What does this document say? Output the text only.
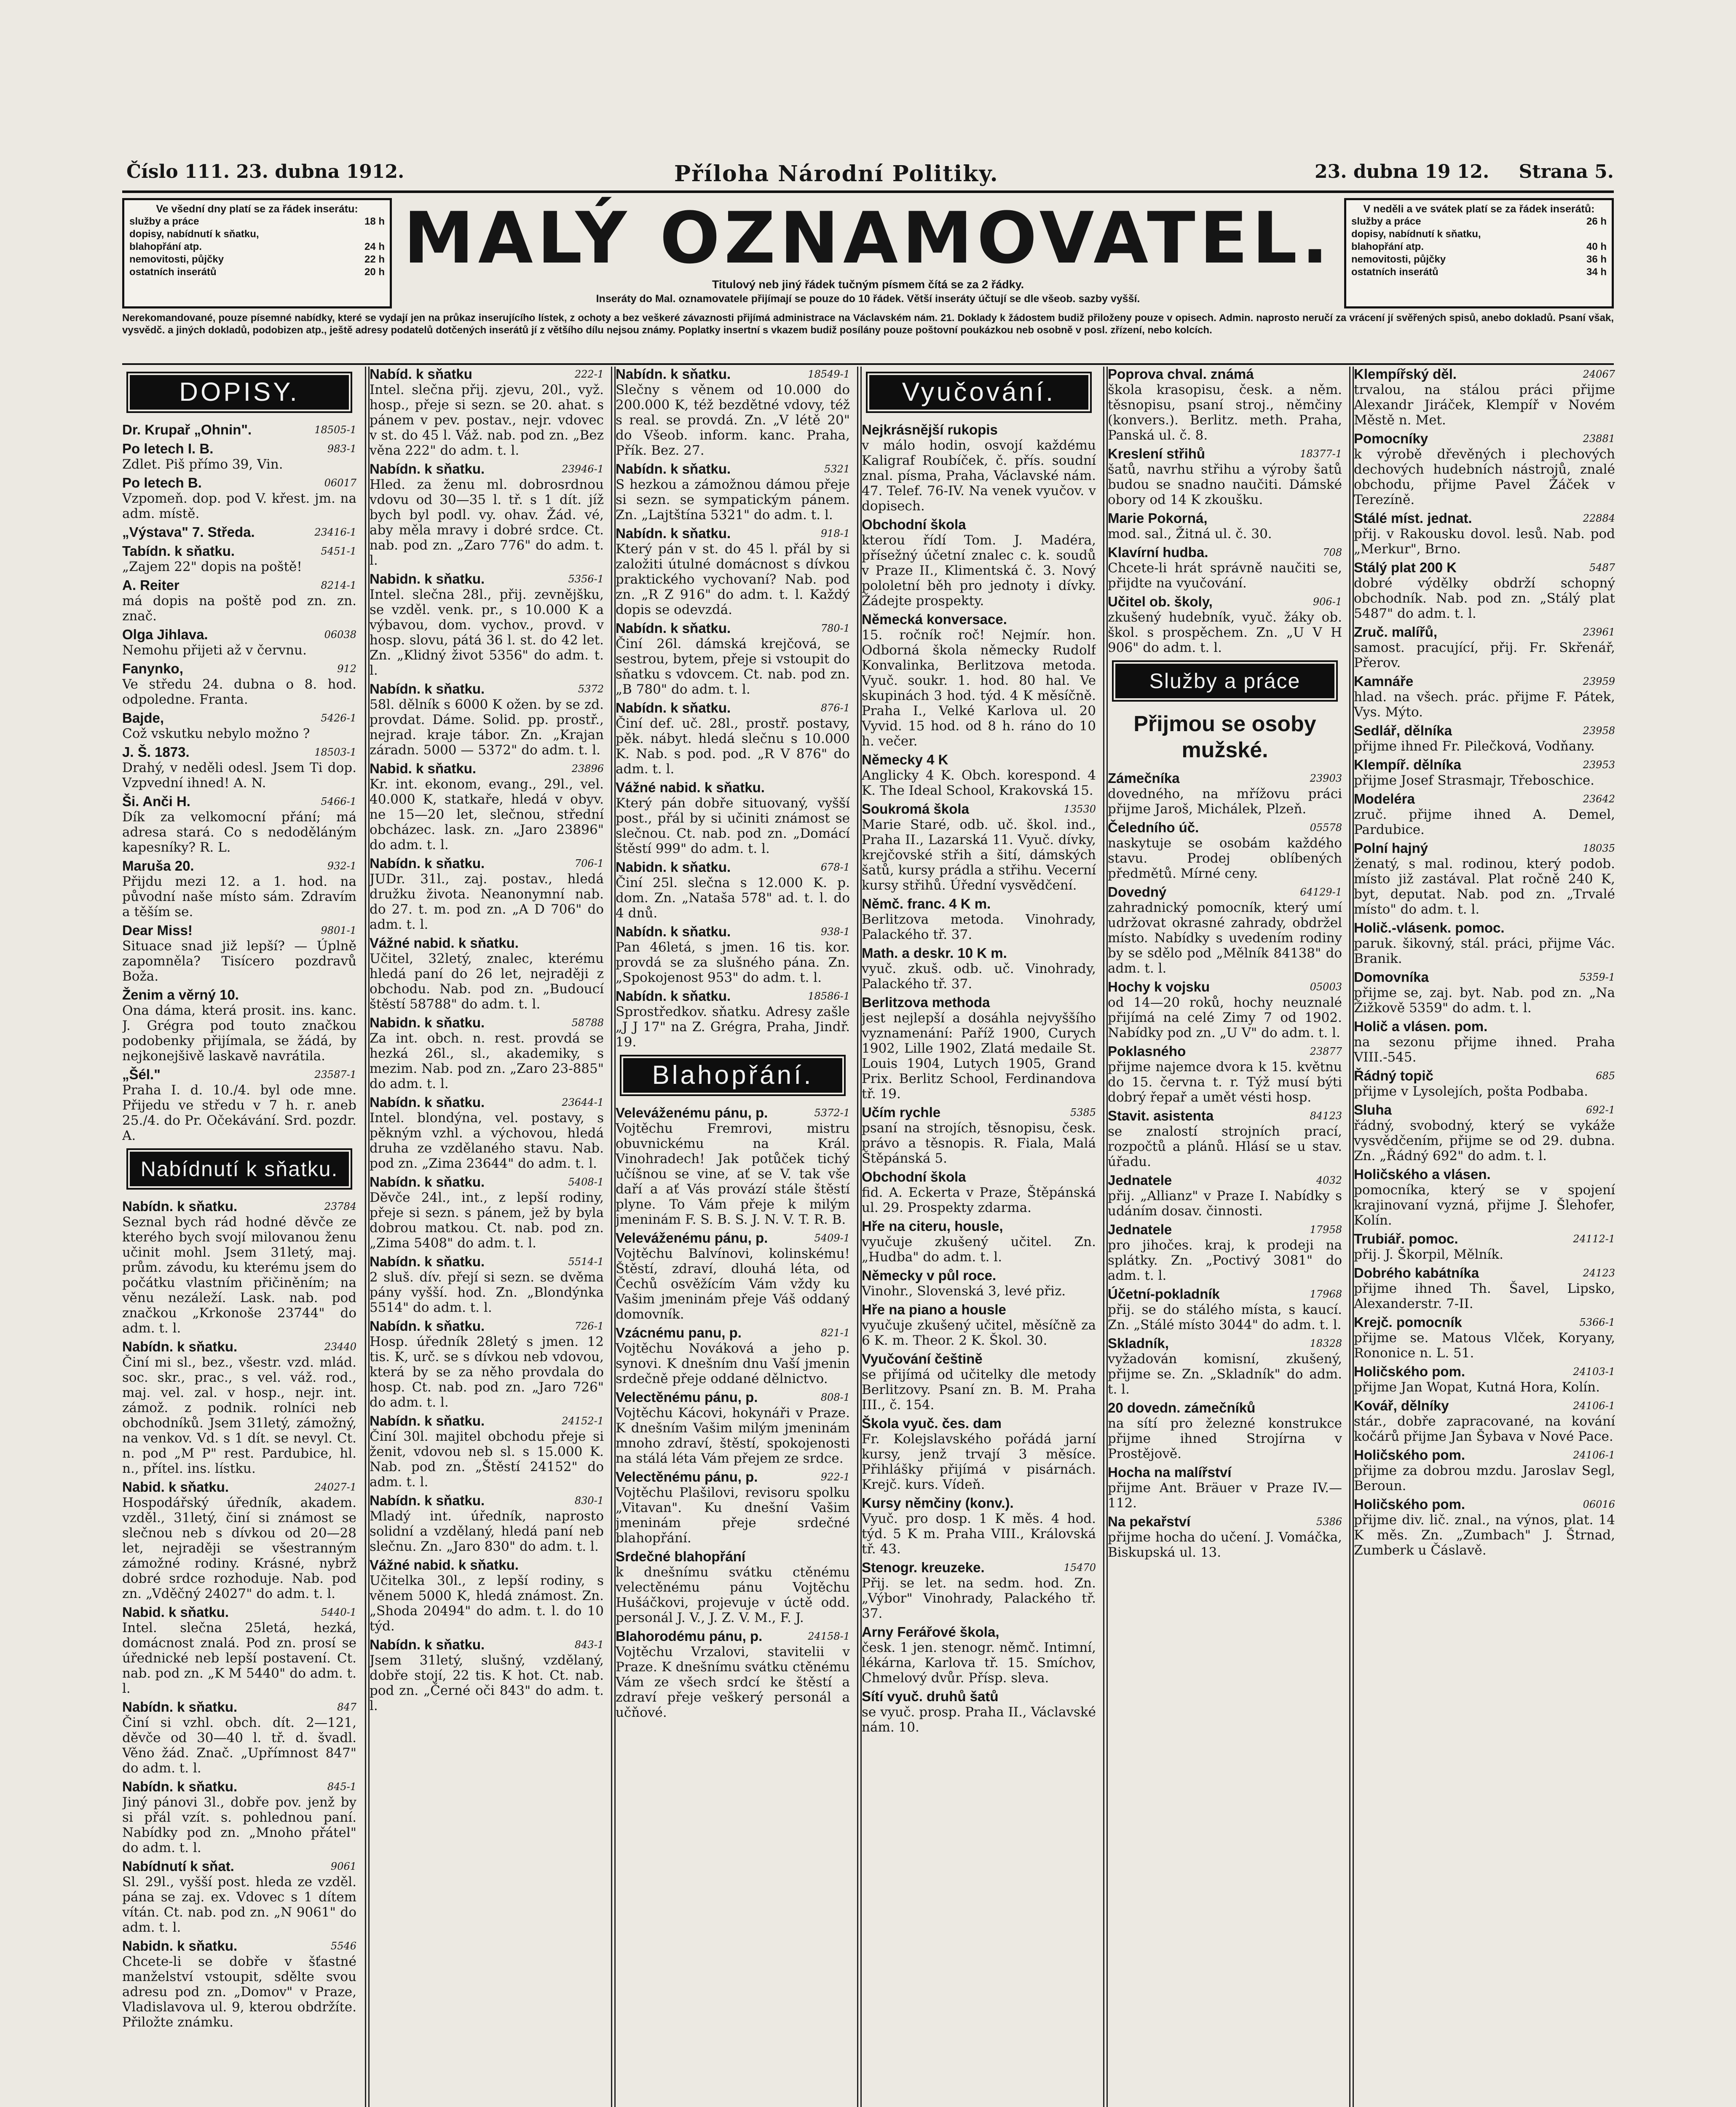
Číslo 111. 23. dubna 1912.	Příloha Národní Politiky.	23. dubna 19 12. Strana 5.
Ve všední dny platí se za řádek inserátu:
služby a práce	18 h
dopisy, nabídnutí k sňatku,
blahopřání atp.	24 h
nemovitosti, půjčky	22 h
ostatních inserátů	20 h MALÝ OZNAMOVATEL.
Titulový neb jiný řádek tučným písmem čítá se za 2 řádky.
Inseráty do Mal. oznamovatele přijímají se pouze do 10 řádek. Větší inseráty účtují se dle všeob. sazby vyšší.
V neděli a ve svátek platí se za řádek inserátů:
služby a práce	26 h
dopisy, nabídnutí k sňatku,
blahopřání atp.	40 h
nemovitosti, půjčky	36 h
ostatních inserátů	34 h
Nerekomandované, pouze písemné nabídky, které se vydají jen na průkaz inserujícího lístek, z ochoty a bez veškeré závaznosti přijímá administrace na Václavském nám. 21. Doklady k žádostem budiž přiloženy pouze v opisech. Admin. naprosto neručí za vrácení jí svěřených spisů, anebo dokladů. Psaní však, vysvědč. a jiných dokladů, podobizen atp., ještě adresy podatelů dotčených inserátů jí z většího dílu nejsou známy. Poplatky insertní s vkazem budiž posílány pouze poštovní poukázkou neb osobně v posl. zřízení, nebo kolcích.
DOPISY.
Dr. Krupař „Ohnin".	18505-1
Po letech I. B.	983-1
Zdlet. Piš přímo 39, Vin.
Po letech B.	06017
Vzpomeň. dop. pod V. křest. jm. na adm. místě.
„Výstava" 7. Středa.	23416-1
Tabídn. k sňatku.	5451-1
„Zajem 22" dopis na poště!
A. Reiter	8214-1
má dopis na poště pod zn. zn. znač.
Olga Jihlava.	06038
Nemohu přijeti až v červnu.
Fanynko,	912
Ve středu 24. dubna o 8. hod. odpoledne. Franta.
Bajde,	5426-1
Což vskutku nebylo možno ?
J. Š. 1873.	18503-1
Drahý, v neděli odesl. Jsem Ti dop. Vzpvední ihned! A. N.
Ši. Anči H.	5466-1
Dík za velkomocní přání; má adresa stará. Co s nedoděláným kapesníky? R. L.
Maruša 20.	932-1
Přijdu mezi 12. a 1. hod. na původní naše místo sám. Zdravím a těším se.
Dear Miss!	9801-1
Situace snad již lepší? — Úplně zapomněla? Tisícero pozdravů Boža.
Ženim a věrný 10.
Ona dáma, která prosit. ins. kanc. J. Grégra pod touto značkou podobenky přijímala, se žádá, by nejkonejšivě laskavě navrátila.
„Šél."	23587-1
Praha I. d. 10./4. byl ode mne. Přijedu ve středu v 7 h. r. aneb 25./4. do Pr. Očekávání. Srd. pozdr. A.
Nabídnutí k sňatku.
Nabídn. k sňatku.	23784
Seznal bych rád hodné děvče ze kterého bych svojí milovanou ženu učinit mohl. Jsem 31letý, maj. prům. závodu, ku kterému jsem do počátku vlastním přičiněním; na věnu nezáleží. Lask. nab. pod značkou „Krkonoše 23744" do adm. t. l.
Nabídn. k sňatku.	23440
Činí mi sl., bez., všestr. vzd. mlád. soc. skr., prac., s vel. váž. rod., maj. vel. zal. v hosp., nejr. int. zámož. z podnik. rolníci neb obchodníků. Jsem 31letý, zámožný, na venkov. Vd. s 1 dít. se nevyl. Ct. n. pod „M P" rest. Pardubice, hl. n., přítel. ins. lístku.
Nabid. k sňatku.	24027-1
Hospodářský úředník, akadem. vzděl., 31letý, činí si známost se slečnou neb s dívkou od 20—28 let, nejraději se všestranným zámožné rodiny. Krásné, nybrž dobré srdce rozhoduje. Nab. pod zn. „Vděčný 24027" do adm. t. l.
Nabid. k sňatku.	5440-1
Intel. slečna 25letá, hezká, domácnost znalá. Pod zn. prosí se úřednické neb lepší postavení. Ct. nab. pod zn. „K M 5440" do adm. t. l.
Nabídn. k sňatku.	847
Činí si vzhl. obch. dít. 2—121, děvče od 30—40 l. tř. d. švadl. Věno žád. Znač. „Upřímnost 847" do adm. t. l.
Nabídn. k sňatku.	845-1
Jiný pánovi 3l., dobře pov. jenž by si přál vzít. s. pohlednou paní. Nabídky pod zn. „Mnoho přátel" do adm. t. l.
Nabídnutí k sňat.	9061
Sl. 29l., vyšší post. hleda ze vzděl. pána se zaj. ex. Vdovec s 1 dítem vítán. Ct. nab. pod zn. „N 9061" do adm. t. l.
Nabidn. k sňatku.	5546
Chcete-li se dobře v šťastné manželství vstoupit, sdělte svou adresu pod zn. „Domov" v Praze, Vladislavova ul. 9, kterou obdržíte. Přiložte známku.
Nabíd. k sňatku	222-1
Intel. slečna přij. zjevu, 20l., vyž. hosp., přeje si sezn. se 20. ahat. s pánem v pev. postav., nejr. vdovec v st. do 45 l. Váž. nab. pod zn. „Bez věna 222" do adm. t. l.
Nabídn. k sňatku.	23946-1
Hled. za ženu ml. dobrosrdnou vdovu od 30—35 l. tř. s 1 dít. jíž bych byl podl. vy. ohav. Žád. vé, aby měla mravy i dobré srdce. Ct. nab. pod zn. „Zaro 776" do adm. t. l.
Nabidn. k sňatku.	5356-1
Intel. slečna 28l., přij. zevnějšku, se vzděl. venk. pr., s 10.000 K a výbavou, dom. vychov., provd. v hosp. slovu, pátá 36 l. st. do 42 let. Zn. „Klidný život 5356" do adm. t. l.
Nabídn. k sňatku.	5372
58l. dělník s 6000 K ožen. by se zd. provdat. Dáme. Solid. pp. prostř., nejrad. kraje tábor. Zn. „Krajan záradn. 5000 — 5372" do adm. t. l.
Nabid. k sňatku.	23896
Kr. int. ekonom, evang., 29l., vel. 40.000 K, statkaře, hledá v obyv. ne 15—20 let, slečnou, střední obcházec. lask. zn. „Jaro 23896" do adm. t. l.
Nabídn. k sňatku.	706-1
JUDr. 31l., zaj. postav., hledá družku života. Neanonymní nab. do 27. t. m. pod zn. „A D 706" do adm. t. l.
Vážné nabid. k sňatku.
Učitel, 32letý, znalec, kterému hledá paní do 26 let, nejraději z obchodu. Nab. pod zn. „Budoucí štěstí 58788" do adm. t. l.
Nabidn. k sňatku.	58788
Za int. obch. n. rest. provdá se hezká 26l., sl., akademiky, s mezim. Nab. pod zn. „Zaro 23-885" do adm. t. l.
Nabídn. k sňatku.	23644-1
Intel. blondýna, vel. postavy, s pěkným vzhl. a výchovou, hledá druha ze vzdělaného stavu. Nab. pod zn. „Zima 23644" do adm. t. l.
Nabídn. k sňatku.	5408-1
Děvče 24l., int., z lepší rodiny, přeje si sezn. s pánem, jež by byla dobrou matkou. Ct. nab. pod zn. „Zima 5408" do adm. t. l.
Nabídn. k sňatku.	5514-1
2 sluš. dív. přejí si sezn. se dvěma pány vyšší. hod. Zn. „Blondýnka 5514" do adm. t. l.
Nabídn. k sňatku.	726-1
Hosp. úředník 28letý s jmen. 12 tis. K, urč. se s dívkou neb vdovou, která by se za něho provdala do hosp. Ct. nab. pod zn. „Jaro 726" do adm. t. l.
Nabídn. k sňatku.	24152-1
Činí 30l. majitel obchodu přeje si ženit, vdovou neb sl. s 15.000 K. Nab. pod zn. „Štěstí 24152" do adm. t. l.
Nabídn. k sňatku.	830-1
Mladý int. úředník, naprosto solidní a vzdělaný, hledá paní neb slečnu. Zn. „Jaro 830" do adm. t. l.
Vážné nabid. k sňatku.
Učitelka 30l., z lepší rodiny, s věnem 5000 K, hledá známost. Zn. „Shoda 20494" do adm. t. l. do 10 týd.
Nabídn. k sňatku.	843-1
Jsem 31letý, slušný, vzdělaný, dobře stojí, 22 tis. K hot. Ct. nab. pod zn. „Černé oči 843" do adm. t. l.
Nabídn. k sňatku.	18549-1
Slečny s věnem od 10.000 do 200.000 K, též bezdětné vdovy, též s real. se provdá. Zn. „V létě 20" do Všeob. inform. kanc. Praha, Přík. Bez. 27.
Nabídn. k sňatku.	5321
S hezkou a zámožnou dámou přeje si sezn. se sympatickým pánem. Zn. „Lajtštína 5321" do adm. t. l.
Nabídn. k sňatku.	918-1
Který pán v st. do 45 l. přál by si založiti útulné domácnost s dívkou praktického vychovaní? Nab. pod zn. „R Z 916" do adm. t. l. Každý dopis se odevzdá.
Nabídn. k sňatku.	780-1
Činí 26l. dámská krejčová, se sestrou, bytem, přeje si vstoupit do sňatku s vdovcem. Ct. nab. pod zn. „B 780" do adm. t. l.
Nabídn. k sňatku.	876-1
Činí def. uč. 28l., prostř. postavy, pěk. nábyt. hledá slečnu s 10.000 K. Nab. s pod. pod. „R V 876" do adm. t. l.
Vážné nabid. k sňatku.
Který pán dobře situovaný, vyšší post., přál by si učiniti známost se slečnou. Ct. nab. pod zn. „Domácí štěstí 999" do adm. t. l.
Nabidn. k sňatku.	678-1
Činí 25l. slečna s 12.000 K. p. dom. Zn. „Nataša 578" ad. t. l. do 4 dnů.
Nabídn. k sňatku.	938-1
Pan 46letá, s jmen. 16 tis. kor. provdá se za slušného pána. Zn. „Spokojenost 953" do adm. t. l.
Nabídn. k sňatku.	18586-1
Sprostředkov. sňatku. Adresy zašle „J J 17" na Z. Grégra, Praha, Jindř. 19.
Blahopřání.
Veleváženému pánu, p.	5372-1
Vojtěchu Fremrovi, mistru obuvnickému na Král. Vinohradech! Jak potůček tichý učíšnou se vine, ať se V. tak vše daří a ať Vás provází stále štěstí plyne. To Vám přeje k milým jmeninám F. S. B. S. J. N. V. T. R. B.
Veleváženému pánu, p.	5409-1
Vojtěchu Balvínovi, kolinskému! Štěstí, zdraví, dlouhá léta, od Čechů osvěžícím Vám vždy ku Vašim jmeninám přeje Váš oddaný domovník.
Vzácnému panu, p.	821-1
Vojtěchu Nováková a jeho p. synovi. K dnešním dnu Vaší jmenin srdečně přeje oddané dělnictvo.
Velectěnému pánu, p.	808-1
Vojtěchu Kácovi, hokynáři v Praze. K dnešním Vašim milým jmeninám mnoho zdraví, štěstí, spokojenosti na stálá léta Vám přejem ze srdce.
Velectěnému pánu, p.	922-1
Vojtěchu Plašilovi, revisoru spolku „Vitavan". Ku dnešní Vašim jmeninám přeje srdečné blahopřání.
Srdečné blahopřání
k dnešnímu svátku ctěnému velectěnému pánu Vojtěchu Hušáčkovi, projevuje v úctě odd. personál J. V., J. Z. V. M., F. J.
Blahorodému pánu, p.	24158-1
Vojtěchu Vrzalovi, stavitelii v Praze. K dnešnímu svátku ctěnému Vám ze všech srdcí ke štěstí a zdraví přeje veškerý personál a učňové.
Vyučování.
Nejkrásnější rukopis
v málo hodin, osvojí každému Kaligraf Roubíček, č. přís. soudní znal. písma, Praha, Václavské nám. 47. Telef. 76-IV. Na venek vyučov. v dopisech.
Obchodní škola
kterou řídí Tom. J. Madéra, přísežný účetní znalec c. k. soudů v Praze II., Klimentská č. 3. Nový pololetní běh pro jednoty i dívky. Žádejte prospekty.
Německá konversace.
15. ročník roč! Nejmír. hon. Odborná škola německy Rudolf Konvalinka, Berlitzova metoda. Vyuč. soukr. 1. hod. 80 hal. Ve skupinách 3 hod. týd. 4 K měsíčně. Praha I., Velké Karlova ul. 20 Vyvid. 15 hod. od 8 h. ráno do 10 h. večer.
Německy 4 K
Anglicky 4 K. Obch. korespond. 4 K. The Ideal School, Krakovská 15.
Soukromá škola	13530
Marie Staré, odb. uč. škol. ind., Praha II., Lazarská 11. Vyuč. dívky, krejčovské střih a šití, dámských šatů, kursy prádla a střihu. Vecerní kursy střihů. Úřední vysvědčení.
Němč. franc. 4 K m.
Berlitzova metoda. Vinohrady, Palackého tř. 37.
Math. a deskr. 10 K m.
vyuč. zkuš. odb. uč. Vinohrady, Palackého tř. 37.
Berlitzova methoda
jest nejlepší a dosáhla nejvyššího vyznamenání: Paříž 1900, Curych 1902, Lille 1902, Zlatá medaile St. Louis 1904, Lutych 1905, Grand Prix. Berlitz School, Ferdinandova tř. 19.
Učím rychle	5385
psaní na strojích, těsnopisu, česk. právo a těsnopis. R. Fiala, Malá Štěpánská 5.
Obchodní škola
fid. A. Eckerta v Praze, Štěpánská ul. 29. Prospekty zdarma.
Hře na citeru, housle,
vyučuje zkušený učitel. Zn. „Hudba" do adm. t. l.
Německy v půl roce.
Vinohr., Slovenská 3, levé přiz.
Hře na piano a housle
vyučuje zkušený učitel, měsíčně za 6 K. m. Theor. 2 K. Škol. 30.
Vyučování češtině
se přijímá od učitelky dle metody Berlitzovy. Psaní zn. B. M. Praha III., č. 154.
Škola vyuč. čes. dam
Fr. Kolejslavského pořádá jarní kursy, jenž trvají 3 měsíce. Přihlášky přijímá v pisárnách. Krejč. kurs. Vídeň.
Kursy němčiny (konv.).
Vyuč. pro dosp. 1 K měs. 4 hod. týd. 5 K m. Praha VIII., Královská tř. 43.
Stenogr. kreuzeke.	15470
Přij. se let. na sedm. hod. Zn. „Výbor" Vinohrady, Palackého tř. 37.
Arny Ferářové škola,
česk. 1 jen. stenogr. němč. Intimní, lékárna, Karlova tř. 15. Smíchov, Chmelový dvůr. Přísp. sleva.
Sítí vyuč. druhů šatů
se vyuč. prosp. Praha II., Václavské nám. 10.
Poprova chval. známá
škola krasopisu, česk. a něm. těsnopisu, psaní stroj., němčiny (konvers.). Berlitz. meth. Praha, Panská ul. č. 8.
Kreslení střihů	18377-1
šatů, navrhu střihu a výroby šatů budou se snadno naučiti. Dámské obory od 14 K zkoušku.
Marie Pokorná,
mod. sal., Žitná ul. č. 30.
Klavírní hudba.	708
Chcete-li hrát správně naučiti se, přijdte na vyučování.
Učitel ob. školy,	906-1
zkušený hudebník, vyuč. žáky ob. škol. s prospěchem. Zn. „U V H 906" do adm. t. l.
Služby a práce
Přijmou se osoby mužské.
Zámečníka	23903
dovedného, na mřížovu práci přijme Jaroš, Michálek, Plzeň.
Čeledního úč.	05578
naskytuje se osobám každého stavu. Prodej oblíbených předmětů. Mírné ceny.
Dovedný	64129-1
zahradnický pomocník, který umí udržovat okrasné zahrady, obdržel místo. Nabídky s uvedením rodiny by se sdělo pod „Mělník 84138" do adm. t. l.
Hochy k vojsku	05003
od 14—20 roků, hochy neuznalé přijímá na celé Zimy 7 od 1902. Nabídky pod zn. „U V" do adm. t. l.
Poklasného	23877
přijme najemce dvora k 15. květnu do 15. června t. r. Týž musí býti dobrý řepař a umět vésti hosp.
Stavit. asistenta	84123
se znalostí strojních prací, rozpočtů a plánů. Hlásí se u stav. úřadu.
Jednatele	4032
přij. „Allianz" v Praze I. Nabídky s udáním dosav. činnosti.
Jednatele	17958
pro jihočes. kraj, k prodeji na splátky. Zn. „Poctivý 3081" do adm. t. l.
Účetní-pokladník	17968
přij. se do stálého místa, s kaucí. Zn. „Stálé místo 3044" do adm. t. l.
Skladník,	18328
vyžadován komisní, zkušený, přijme se. Zn. „Skladník" do adm. t. l.
20 dovedn. zámečníků
na sítí pro železné konstrukce přijme ihned Strojírna v Prostějově.
Hocha na malířství
přijme Ant. Bräuer v Praze IV.—112.
Na pekařství	5386
přijme hocha do učení. J. Vomáčka, Biskupská ul. 13.
Klempířský děl.	24067
trvalou, na stálou práci přijme Alexandr Jiráček, Klempíř v Novém Městě n. Met.
Pomocníky	23881
k výrobě dřevěných i plechových dechových hudebních nástrojů, znalé obchodu, přijme Pavel Žáček v Terezíně.
Stálé míst. jednat.	22884
přij. v Rakousku dovol. lesů. Nab. pod „Merkur", Brno.
Stálý plat 200 K	5487
dobré výdělky obdrží schopný obchodník. Nab. pod zn. „Stálý plat 5487" do adm. t. l.
Zruč. malířů,	23961
samost. pracující, přij. Fr. Skřenář, Přerov.
Kamnáře	23959
hlad. na všech. prác. přijme F. Pátek, Vys. Mýto.
Sedlář, dělníka	23958
přijme ihned Fr. Pilečková, Vodňany.
Klempíř. dělníka	23953
přijme Josef Strasmajr, Třeboschice.
Modeléra	23642
zruč. přijme ihned A. Demel, Pardubice.
Polní hajný	18035
ženatý, s mal. rodinou, který podob. místo již zastával. Plat ročně 240 K, byt, deputat. Nab. pod zn. „Trvalé místo" do adm. t. l.
Holič.-vlásenk. pomoc.
paruk. šikovný, stál. práci, přijme Vác. Branik.
Domovníka	5359-1
přijme se, zaj. byt. Nab. pod zn. „Na Žižkově 5359" do adm. t. l.
Holič a vlásen. pom.
na sezonu přijme ihned. Praha VIII.-545.
Řádný topič	685
přijme v Lysolejích, pošta Podbaba.
Sluha	692-1
řádný, svobodný, který se vykáže vysvědčením, přijme se od 29. dubna. Zn. „Řádný 692" do adm. t. l.
Holičského a vlásen.
pomocníka, který se v spojení krajinovaní vyzná, přijme J. Šlehofer, Kolín.
Trubiář. pomoc.	24112-1
přij. J. Škorpil, Mělník.
Dobrého kabátníka	24123
přijme ihned Th. Šavel, Lipsko, Alexanderstr. 7-II.
Krejč. pomocník	5366-1
přijme se. Matous Vlček, Koryany, Rononice n. L. 51.
Holičského pom.	24103-1
přijme Jan Wopat, Kutná Hora, Kolín.
Kovář, dělníky	24106-1
stár., dobře zapracované, na kování kočárů přijme Jan Šybava v Nové Pace.
Holičského pom.	24106-1
přijme za dobrou mzdu. Jaroslav Segl, Beroun.
Holičského pom.	06016
přijme div. lič. znal., na výnos, plat. 14 K měs. Zn. „Zumbach" J. Štrnad, Zumberk u Čáslavě.
